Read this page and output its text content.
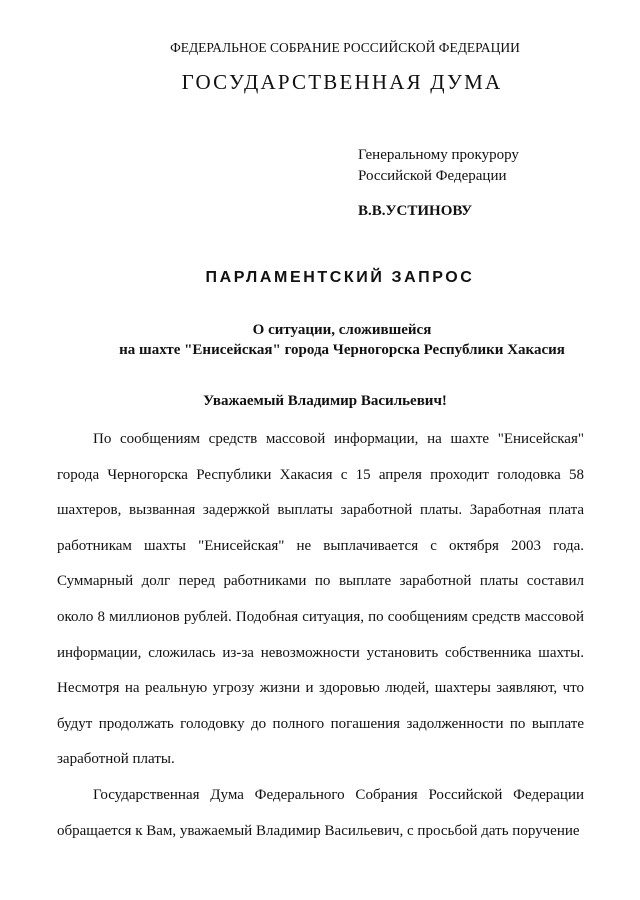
ФЕДЕРАЛЬНОЕ СОБРАНИЕ РОССИЙСКОЙ ФЕДЕРАЦИИ
ГОСУДАРСТВЕННАЯ ДУМА
Генеральному прокурору
Российской Федерации
В.В.УСТИНОВУ
ПАРЛАМЕНТСКИЙ ЗАПРОС
О ситуации, сложившейся
на шахте "Енисейская" города Черногорска Республики Хакасия
Уважаемый Владимир Васильевич!

По сообщениям средств массовой информации, на шахте "Енисейская" города Черногорска Республики Хакасия с 15 апреля проходит голодовка 58 шахтеров, вызванная задержкой выплаты заработной платы. Заработная плата работникам шахты "Енисейская" не выплачивается с октября 2003 года. Суммарный долг перед работниками по выплате заработной платы составил около 8 миллионов рублей. Подобная ситуация, по сообщениям средств массовой информации, сложилась из-за невозможности установить собственника шахты. Несмотря на реальную угрозу жизни и здоровью людей, шахтеры заявляют, что будут продолжать голодовку до полного погашения задолженности по выплате заработной платы.

Государственная Дума Федерального Собрания Российской Федерации обращается к Вам, уважаемый Владимир Васильевич, с просьбой дать поручение
